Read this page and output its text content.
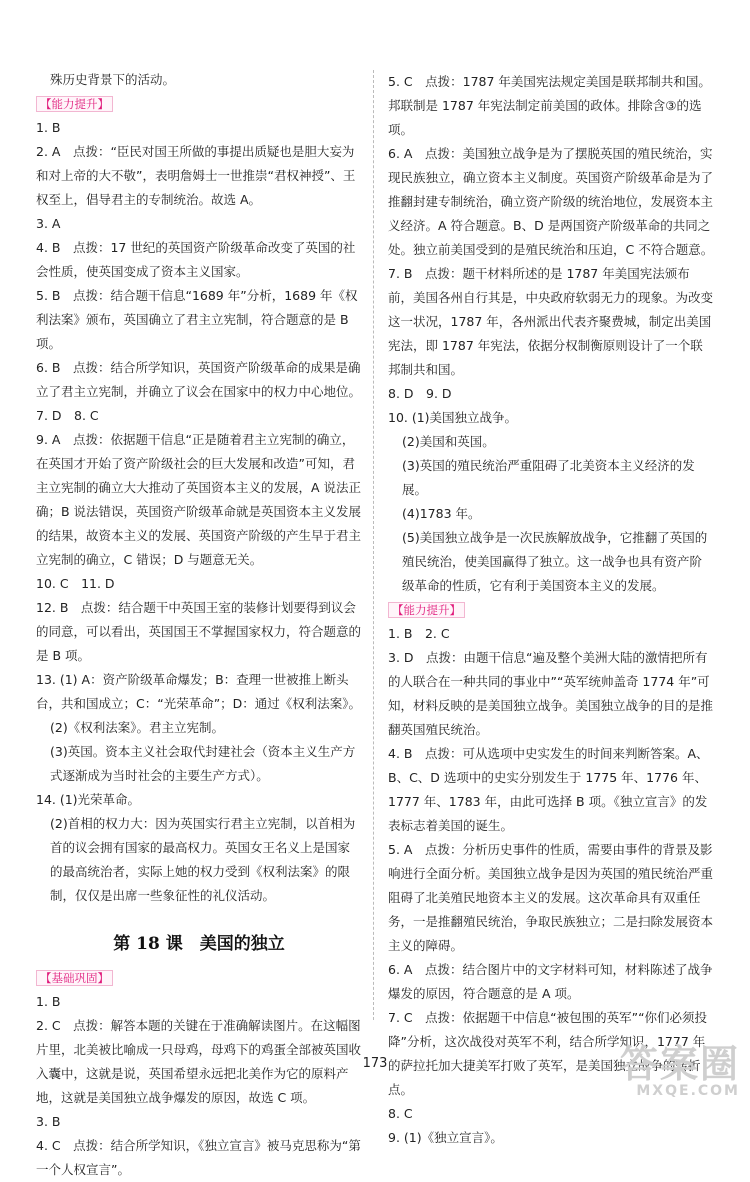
殊历史背景下的活动。

【能力提升】

1. B

2. A　点拨：“臣民对国王所做的事提出质疑也是胆大妄为和对上帝的大不敬”，表明詹姆士一世推崇“君权神授”、王权至上，倡导君主的专制统治。故选 A。

3. A

4. B　点拨：17 世纪的英国资产阶级革命改变了英国的社会性质，使英国变成了资本主义国家。

5. B　点拨：结合题干信息“1689 年”分析，1689 年《权利法案》颁布，英国确立了君主立宪制，符合题意的是 B 项。

6. B　点拨：结合所学知识，英国资产阶级革命的成果是确立了君主立宪制，并确立了议会在国家中的权力中心地位。

7. D　8. C

9. A　点拨：依据题干信息“正是随着君主立宪制的确立，在英国才开始了资产阶级社会的巨大发展和改造”可知，君主立宪制的确立大大推动了英国资本主义的发展，A 说法正确；B 说法错误，英国资产阶级革命就是英国资本主义发展的结果，故资本主义的发展、英国资产阶级的产生早于君主立宪制的确立，C 错误；D 与题意无关。

10. C　11. D

12. B　点拨：结合题干中英国王室的装修计划要得到议会的同意，可以看出，英国国王不掌握国家权力，符合题意的是 B 项。

13. (1) A：资产阶级革命爆发；B：查理一世被推上断头台，共和国成立；C：“光荣革命”；D：通过《权利法案》。

(2)《权利法案》。君主立宪制。

(3)英国。资本主义社会取代封建社会（资本主义生产方式逐渐成为当时社会的主要生产方式）。

14. (1)光荣革命。

(2)首相的权力大：因为英国实行君主立宪制，以首相为首的议会拥有国家的最高权力。英国女王名义上是国家的最高统治者，实际上她的权力受到《权利法案》的限制，仅仅是出席一些象征性的礼仪活动。

第 18 课　美国的独立
【基础巩固】

1. B

2. C　点拨：解答本题的关键在于准确解读图片。在这幅图片里，北美被比喻成一只母鸡，母鸡下的鸡蛋全部被英国收入囊中，这就是说，英国希望永远把北美作为它的原料产地，这就是美国独立战争爆发的原因，故选 C 项。

3. B

4. C　点拨：结合所学知识，《独立宣言》被马克思称为“第一个人权宣言”。

5. C　点拨：1787 年美国宪法规定美国是联邦制共和国。邦联制是 1787 年宪法制定前美国的政体。排除含③的选项。

6. A　点拨：美国独立战争是为了摆脱英国的殖民统治，实现民族独立，确立资本主义制度。英国资产阶级革命是为了推翻封建专制统治，确立资产阶级的统治地位，发展资本主义经济。A 符合题意。B、D 是两国资产阶级革命的共同之处。独立前美国受到的是殖民统治和压迫，C 不符合题意。

7. B　点拨：题干材料所述的是 1787 年美国宪法颁布前，美国各州自行其是，中央政府软弱无力的现象。为改变这一状况，1787 年，各州派出代表齐聚费城，制定出美国宪法，即 1787 年宪法，依据分权制衡原则设计了一个联邦制共和国。

8. D　9. D

10. (1)美国独立战争。

(2)美国和英国。

(3)英国的殖民统治严重阻碍了北美资本主义经济的发展。

(4)1783 年。

(5)美国独立战争是一次民族解放战争，它推翻了英国的殖民统治，使美国赢得了独立。这一战争也具有资产阶级革命的性质，它有利于美国资本主义的发展。

【能力提升】

1. B　2. C

3. D　点拨：由题干信息“遍及整个美洲大陆的激情把所有的人联合在一种共同的事业中”“英军统帅盖奇 1774 年”可知，材料反映的是美国独立战争。美国独立战争的目的是推翻英国殖民统治。

4. B　点拨：可从选项中史实发生的时间来判断答案。A、B、C、D 选项中的史实分别发生于 1775 年、1776 年、1777 年、1783 年，由此可选择 B 项。《独立宣言》的发表标志着美国的诞生。

5. A　点拨：分析历史事件的性质，需要由事件的背景及影响进行全面分析。美国独立战争是因为英国的殖民统治严重阻碍了北美殖民地资本主义的发展。这次革命具有双重任务，一是推翻殖民统治，争取民族独立；二是扫除发展资本主义的障碍。

6. A　点拨：结合图片中的文字材料可知，材料陈述了战争爆发的原因，符合题意的是 A 项。

7. C　点拨：依据题干中信息“被包围的英军”“你们必须投降”分析，这次战役对英军不利，结合所学知识，1777 年的萨拉托加大捷美军打败了英军，是美国独立战争的转折点。

8. C

9. (1)《独立宣言》。

173	答案圈
MXQE.COM
